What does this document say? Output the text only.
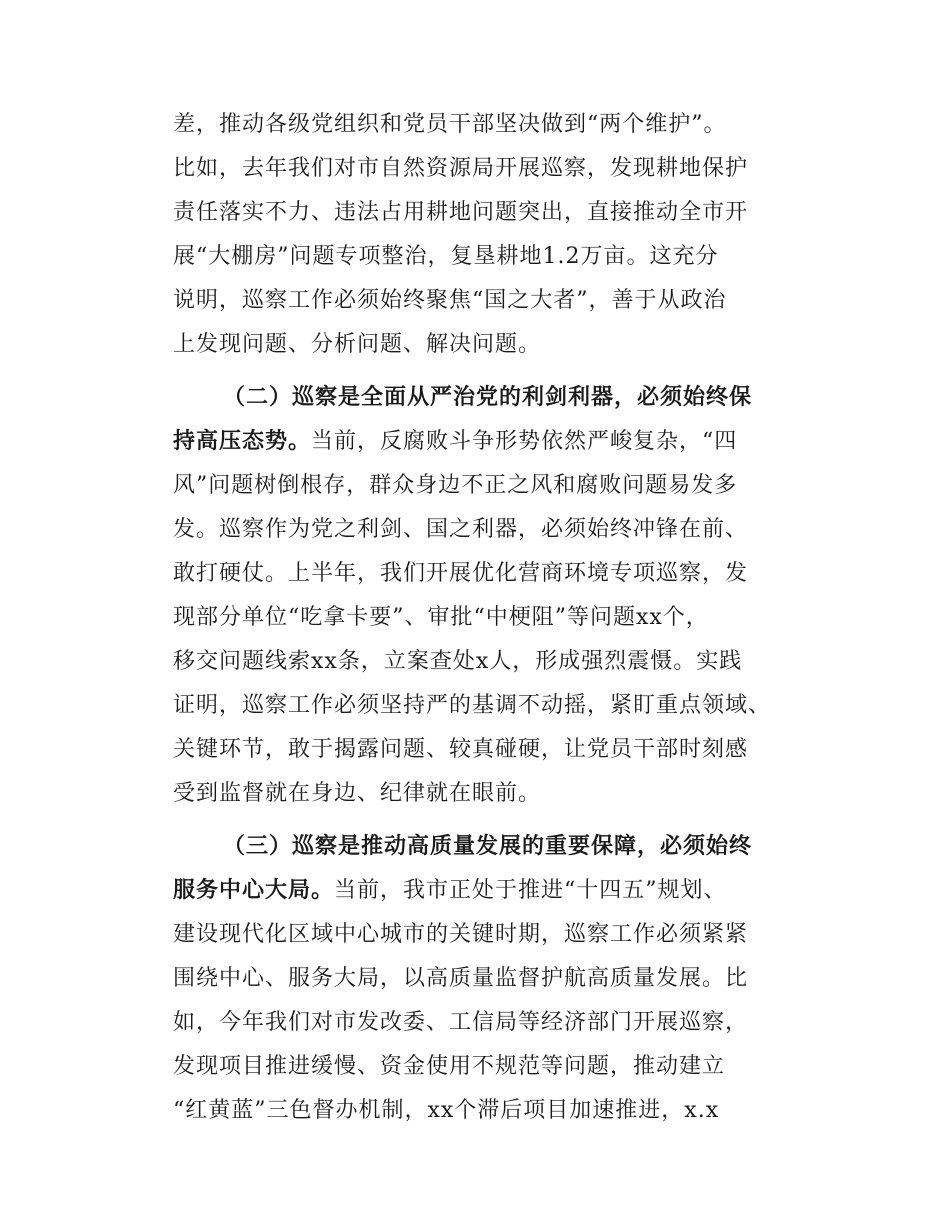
差，推动各级党组织和党员干部坚决做到“两个维护”。
比如，去年我们对市自然资源局开展巡察，发现耕地保护
责任落实不力、违法占用耕地问题突出，直接推动全市开
展“大棚房”问题专项整治，复垦耕地1.2万亩。这充分
说明，巡察工作必须始终聚焦“国之大者”，善于从政治
上发现问题、分析问题、解决问题。
（二）巡察是全面从严治党的利剑利器，必须始终保
持高压态势。当前，反腐败斗争形势依然严峻复杂，“四
风”问题树倒根存，群众身边不正之风和腐败问题易发多
发。巡察作为党之利剑、国之利器，必须始终冲锋在前、
敢打硬仗。上半年，我们开展优化营商环境专项巡察，发
现部分单位“吃拿卡要”、审批“中梗阻”等问题xx个，
移交问题线索xx条，立案查处x人，形成强烈震慑。实践
证明，巡察工作必须坚持严的基调不动摇，紧盯重点领域、
关键环节，敢于揭露问题、较真碰硬，让党员干部时刻感
受到监督就在身边、纪律就在眼前。
（三）巡察是推动高质量发展的重要保障，必须始终
服务中心大局。当前，我市正处于推进“十四五”规划、
建设现代化区域中心城市的关键时期，巡察工作必须紧紧
围绕中心、服务大局，以高质量监督护航高质量发展。比
如，今年我们对市发改委、工信局等经济部门开展巡察，
发现项目推进缓慢、资金使用不规范等问题，推动建立
“红黄蓝”三色督办机制，xx个滞后项目加速推进，x.x
